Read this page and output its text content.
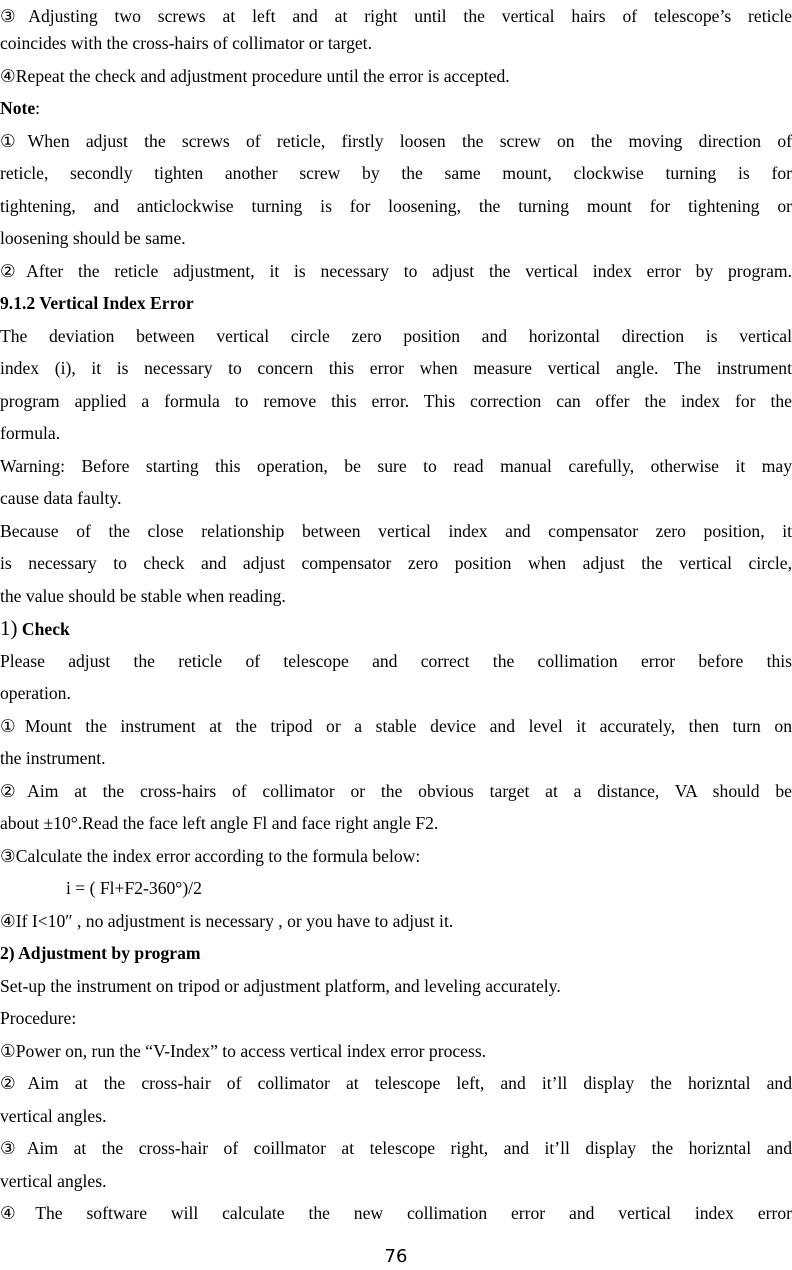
③Adjusting two screws at left and at right until the vertical hairs of telescope’s reticle
coincides with the cross-hairs of collimator or target.
④Repeat the check and adjustment procedure until the error is accepted.
Note:
①When adjust the screws of reticle, firstly loosen the screw on the moving direction of
reticle, secondly tighten another screw by the same mount, clockwise turning is for
tightening, and anticlockwise turning is for loosening, the turning mount for tightening or
loosening should be same.
②After the reticle adjustment, it is necessary to adjust the vertical index error by program.
9.1.2 Vertical Index Error
The deviation between vertical circle zero position and horizontal direction is vertical
index (i), it is necessary to concern this error when measure vertical angle. The instrument
program applied a formula to remove this error. This correction can offer the index for the
formula.
Warning: Before starting this operation, be sure to read manual carefully, otherwise it may
cause data faulty.
Because of the close relationship between vertical index and compensator zero position, it
is necessary to check and adjust compensator zero position when adjust the vertical circle,
the value should be stable when reading.
1) Check
Please adjust the reticle of telescope and correct the collimation error before this
operation.
①Mount the instrument at the tripod or a stable device and level it accurately, then turn on
the instrument.
②Aim at the cross-hairs of collimator or the obvious target at a distance, VA should be
about ±10°.Read the face left angle Fl and face right angle F2.
③Calculate the index error according to the formula below:
i = ( Fl+F2-360°)/2
④If I<10″ , no adjustment is necessary , or you have to adjust it.
2) Adjustment by program
Set-up the instrument on tripod or adjustment platform, and leveling accurately.
Procedure:
①Power on, run the “V-Index” to access vertical index error process.
②Aim at the cross-hair of collimator at telescope left, and it’ll display the horizntal and
vertical angles.
③Aim at the cross-hair of coillmator at telescope right, and it’ll display the horizntal and
vertical angles.
④The software will calculate the new collimation error and vertical index error
76
